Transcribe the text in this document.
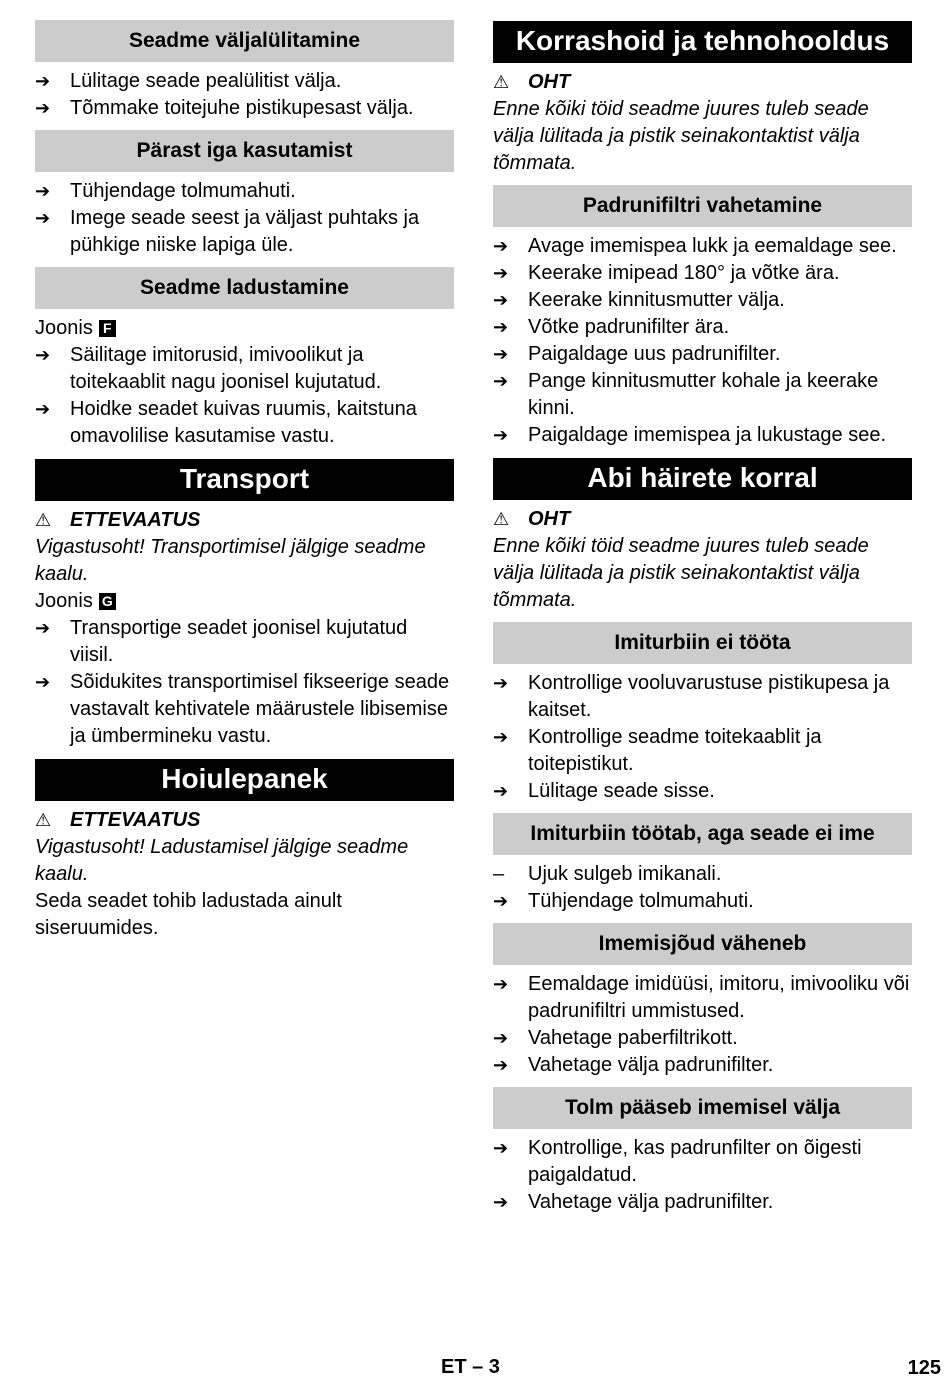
Seadme väljalülitamine
➔ Lülitage seade pealülitist välja.
➔ Tõmmake toitejuhe pistikupesast välja.
Pärast iga kasutamist
➔ Tühjendage tolmumahuti.
➔ Imege seade seest ja väljast puhtaks ja pühkige niiske lapiga üle.
Seadme ladustamine
Joonis F
➔ Säilitage imitorusid, imivoolikut ja toitekaablit nagu joonisel kujutatud.
➔ Hoidke seadet kuivas ruumis, kaitstuna omavolilise kasutamise vastu.
Transport
⚠ ETTEVAATUS
Vigastusoht! Transportimisel jälgige seadme kaalu.
Joonis G
➔ Transportige seadet joonisel kujutatud viisil.
➔ Sõidukites transportimisel fikseerige seade vastavalt kehtivatele määrustele libisemise ja ümbermineku vastu.
Hoiulepanek
⚠ ETTEVAATUS
Vigastusoht! Ladustamisel jälgige seadme kaalu.
Seda seadet tohib ladustada ainult siseruumides.
Korrashoid ja tehnohooldus
⚠ OHT
Enne kõiki töid seadme juures tuleb seade välja lülitada ja pistik seinakontaktist välja tõmmata.
Padrunifiltri vahetamine
➔ Avage imemispea lukk ja eemaldage see.
➔ Keerake imipead 180° ja võtke ära.
➔ Keerake kinnitusmutter välja.
➔ Võtke padrunifilter ära.
➔ Paigaldage uus padrunifilter.
➔ Pange kinnitusmutter kohale ja keerake kinni.
➔ Paigaldage imemispea ja lukustage see.
Abi häirete korral
⚠ OHT
Enne kõiki töid seadme juures tuleb seade välja lülitada ja pistik seinakontaktist välja tõmmata.
Imiturbiin ei tööta
➔ Kontrollige vooluvarustuse pistikupesa ja kaitset.
➔ Kontrollige seadme toitekaablit ja toitepistikut.
➔ Lülitage seade sisse.
Imiturbiin töötab, aga seade ei ime
–	Ujuk sulgeb imikanali.
➔ Tühjendage tolmumahuti.
Imemisjõud väheneb
➔ Eemaldage imidüüsi, imitoru, imivooliku või padrunifiltri ummistused.
➔ Vahetage paberfiltrikott.
➔ Vahetage välja padrunifilter.
Tolm pääseb imemisel välja
➔ Kontrollige, kas padrunfilter on õigesti paigaldatud.
➔ Vahetage välja padrunifilter.
ET – 3	125
